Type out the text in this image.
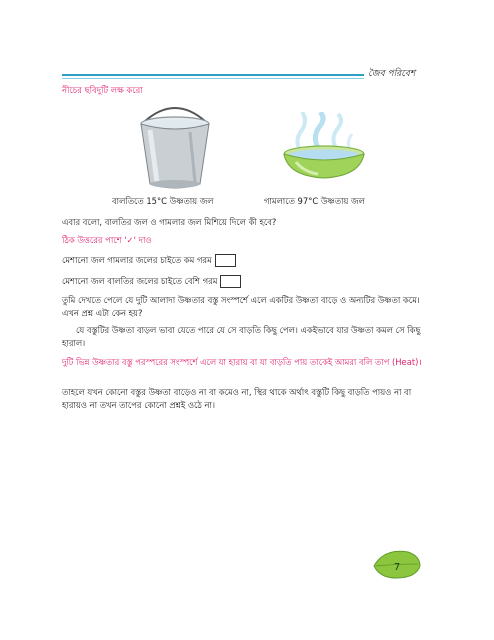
জৈব পরিবেশ

নীচের ছবিদুটি লক্ষ করো

বালতিতে 15°C উষ্ণতায় জল	গামলাতে 97°C উষ্ণতায় জল

এবার বলো, বালতির জল ও গামলার জল মিশিয়ে দিলে কী হবে?

ঠিক উত্তরের পাশে '✓' দাও

মেশানো জল গামলার জলের চাইতে কম গরম

মেশানো জল বালতির জলের চাইতে বেশি গরম

তুমি দেখতে পেলে যে দুটি আলাদা উষ্ণতার বস্তু সংস্পর্শে এলে একটির উষ্ণতা বাড়ে ও অন্যটির উষ্ণতা কমে। এখন প্রশ্ন এটা কেন হয়?

যে বস্তুটির উষ্ণতা বাড়ল ভাবা যেতে পারে যে সে বাড়তি কিছু পেল। একইভাবে যার উষ্ণতা কমল সে কিছু হারাল।

দুটি ভিন্ন উষ্ণতার বস্তু পরস্পরের সংস্পর্শে এলে যা হারায় বা যা বাড়তি পায় তাকেই আমরা বলি তাপ (Heat)।

তাহলে যখন কোনো বস্তুর উষ্ণতা বাড়েও না বা কমেও না, স্থির থাকে অর্থাৎ বস্তুটি কিছু বাড়তি পায়ও না বা হারায়ও না তখন তাপের কোনো প্রশ্নই ওঠে না।

7
